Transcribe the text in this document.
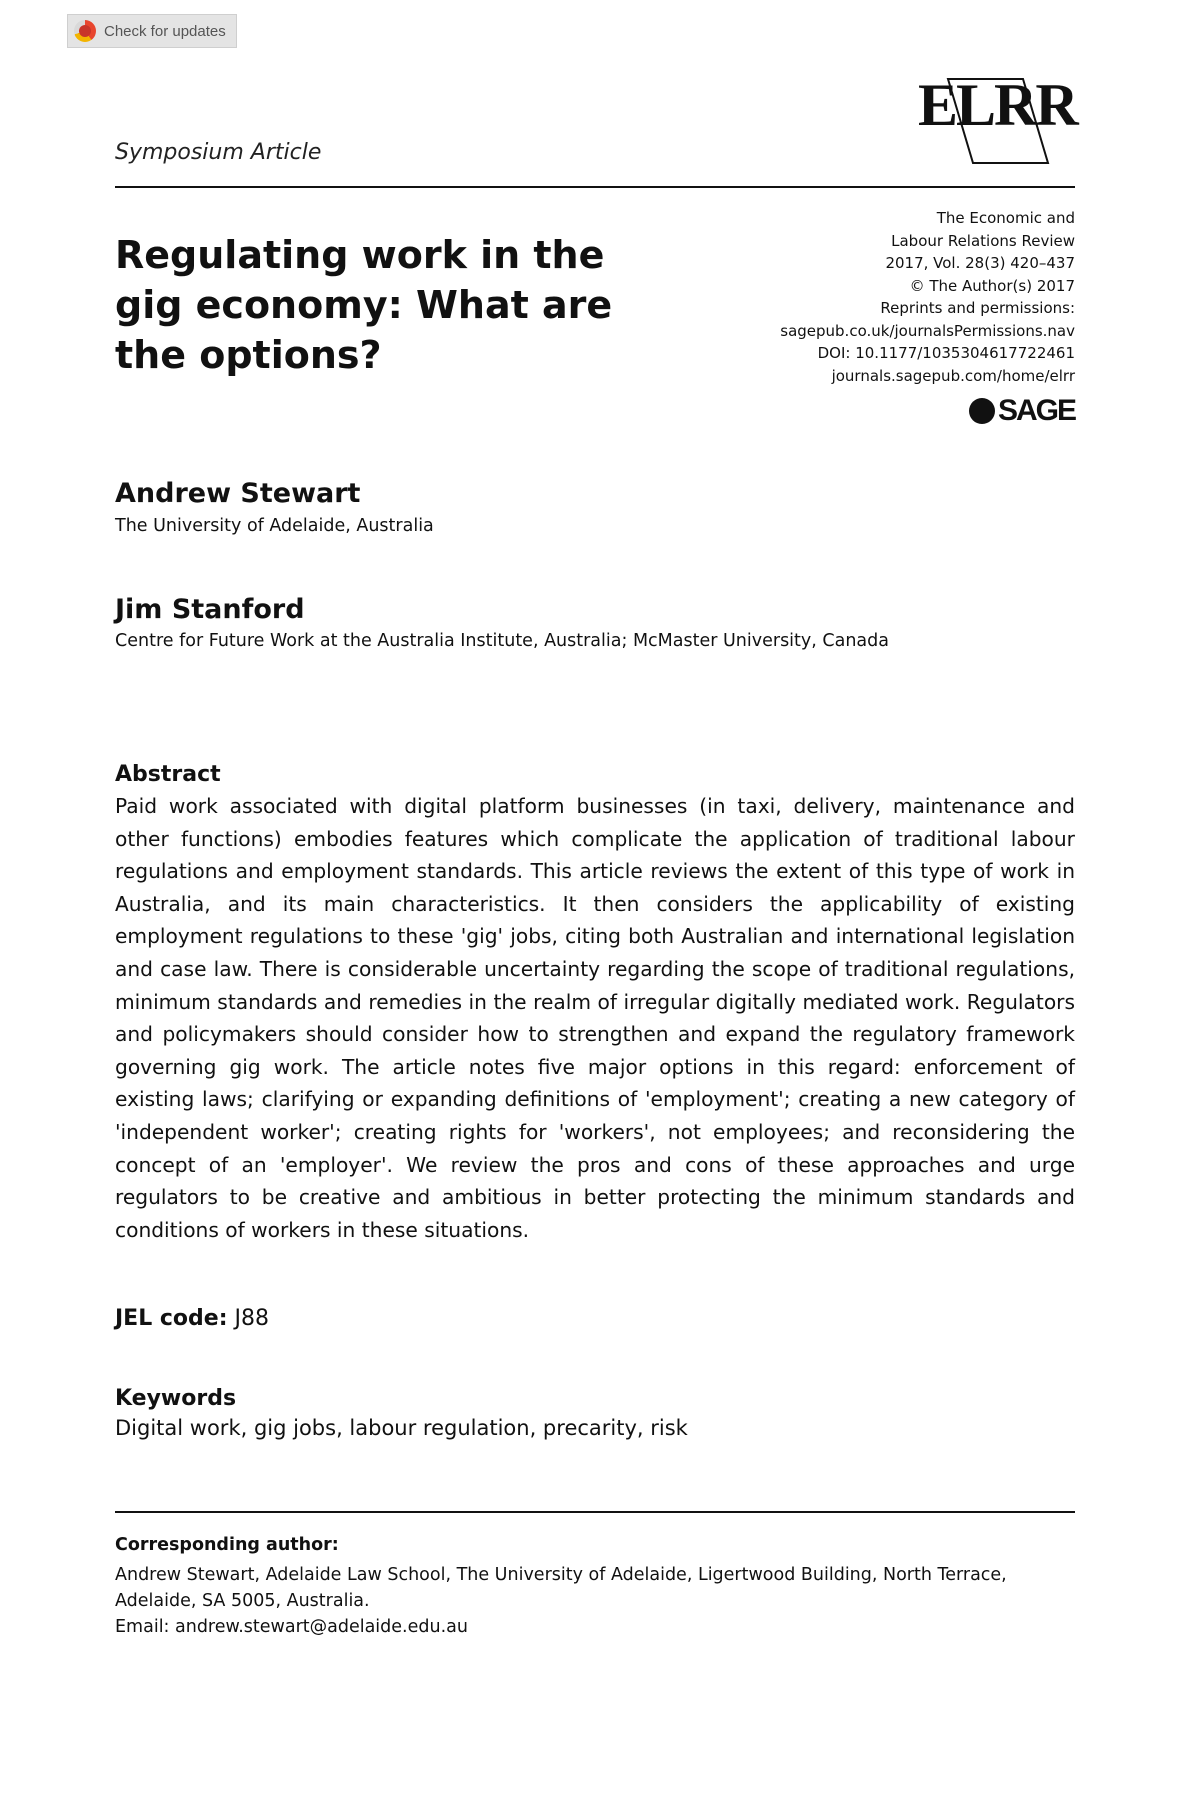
Check for updates
ELRR
Symposium Article
Regulating work in the gig economy: What are the options?
The Economic and
Labour Relations Review
2017, Vol. 28(3) 420–437
© The Author(s) 2017
Reprints and permissions:
sagepub.co.uk/journalsPermissions.nav
DOI: 10.1177/1035304617722461
journals.sagepub.com/home/elrr
SAGE
Andrew Stewart
The University of Adelaide, Australia
Jim Stanford
Centre for Future Work at the Australia Institute, Australia; McMaster University, Canada
Abstract

Paid work associated with digital platform businesses (in taxi, delivery, maintenance and other functions) embodies features which complicate the application of traditional labour regulations and employment standards. This article reviews the extent of this type of work in Australia, and its main characteristics. It then considers the applicability of existing employment regulations to these 'gig' jobs, citing both Australian and international legislation and case law. There is considerable uncertainty regarding the scope of traditional regulations, minimum standards and remedies in the realm of irregular digitally mediated work. Regulators and policymakers should consider how to strengthen and expand the regulatory framework governing gig work. The article notes five major options in this regard: enforcement of existing laws; clarifying or expanding definitions of 'employment'; creating a new category of 'independent worker'; creating rights for 'workers', not employees; and reconsidering the concept of an 'employer'. We review the pros and cons of these approaches and urge regulators to be creative and ambitious in better protecting the minimum standards and conditions of workers in these situations.

JEL code: J88
Keywords
Digital work, gig jobs, labour regulation, precarity, risk
Corresponding author:
Andrew Stewart, Adelaide Law School, The University of Adelaide, Ligertwood Building, North Terrace,
Adelaide, SA 5005, Australia.
Email: andrew.stewart@adelaide.edu.au
